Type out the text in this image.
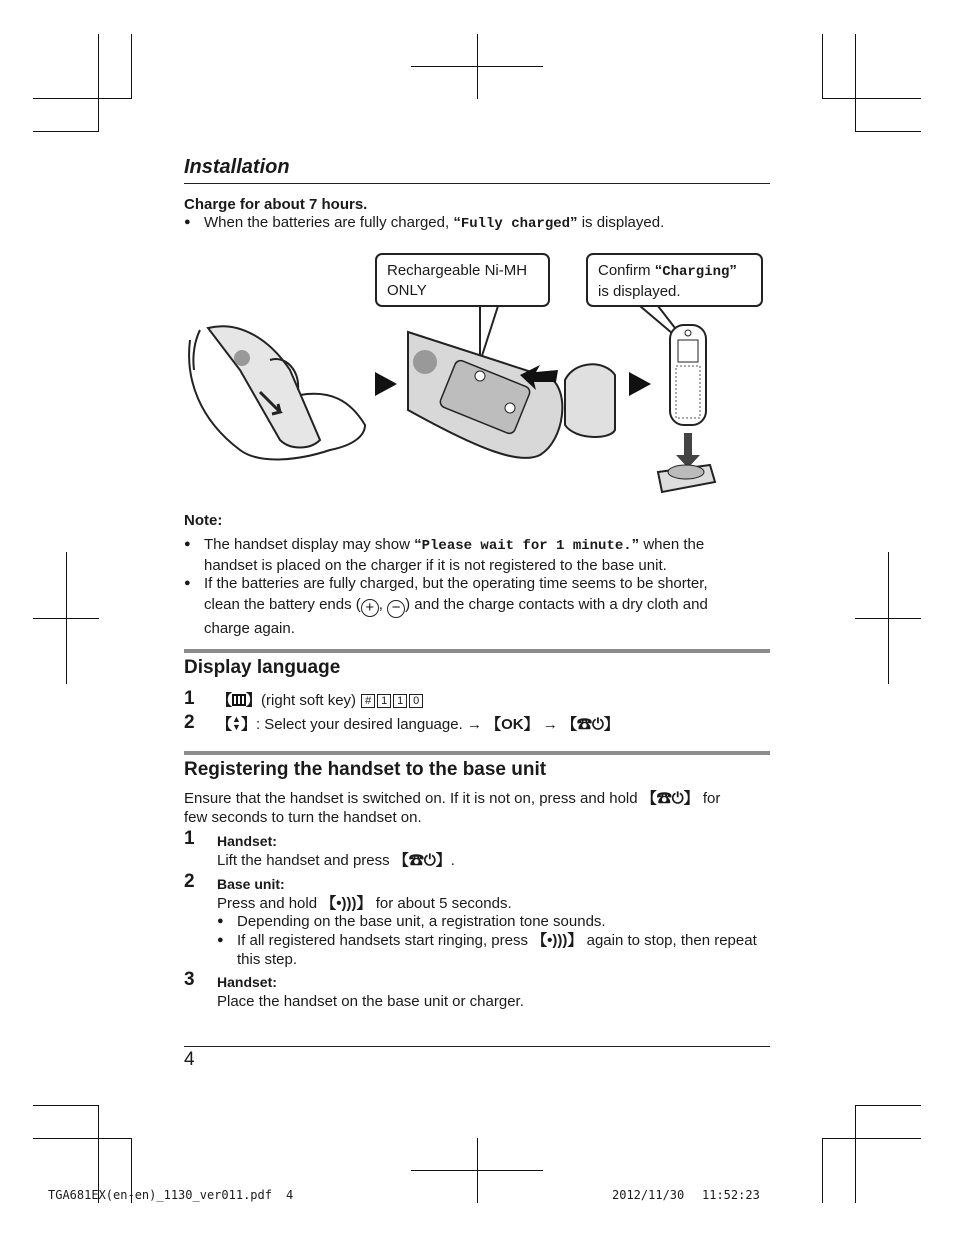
Installation
Charge for about 7 hours.
● When the batteries are fully charged, “Fully charged” is displayed.
Rechargeable Ni-MH
ONLY
Confirm “Charging”
is displayed.
Note:
● The handset display may show “Please wait for 1 minute.” when the
handset is placed on the charger if it is not registered to the base unit.
● If the batteries are fully charged, but the operating time seems to be shorter,
clean the battery ends ( + , − ) and the charge contacts with a dry cloth and
charge again.
Display language
1 【 】(right soft key) # 1 1 0
2 【▲
▼】: Select your desired language. → 【OK】 → 【☎⏻】
Registering the handset to the base unit
Ensure that the handset is switched on. If it is not on, press and hold 【☎⏻】 for
few seconds to turn the handset on.
1 Handset:
Lift the handset and press 【☎⏻】.
2 Base unit:
Press and hold 【•)))】 for about 5 seconds.
● Depending on the base unit, a registration tone sounds.
● If all registered handsets start ringing, press 【•)))】 again to stop, then repeat
this step.
3 Handset:
Place the handset on the base unit or charger.
4
TGA681EX(en-en)_1130_ver011.pdf 4	2012/11/30 11:52:23
